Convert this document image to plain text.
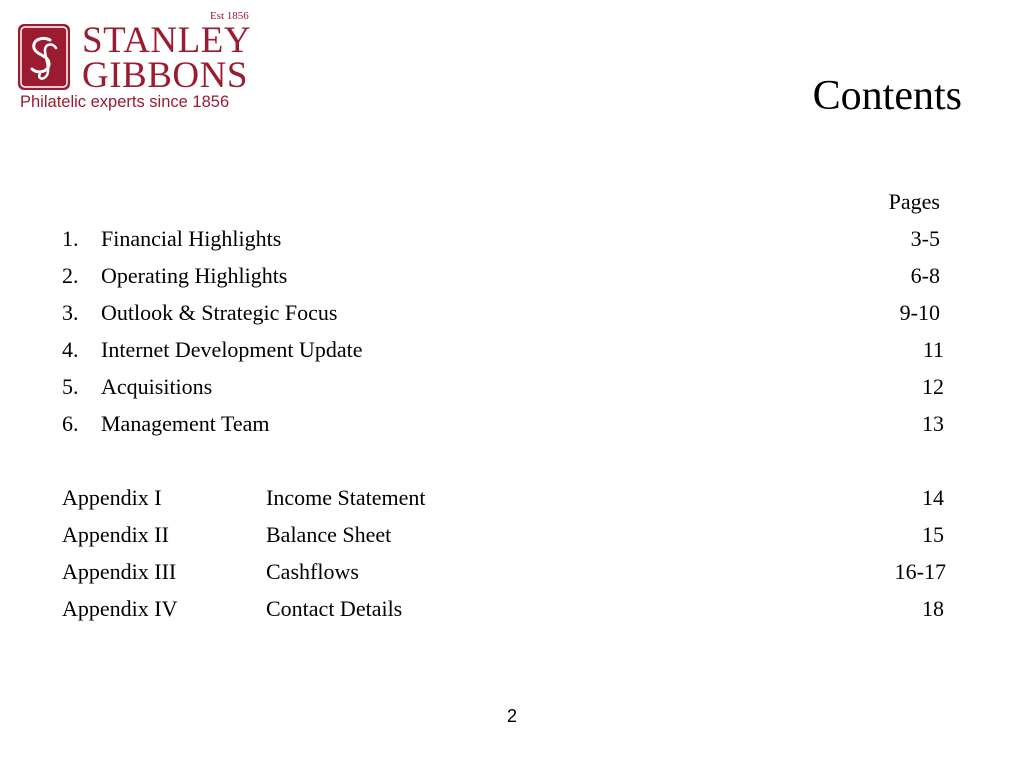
Est 1856
STANLEY
GIBBONS
Philatelic experts since 1856	Contents
Pages
1. Financial Highlights	3-5
2. Operating Highlights	6-8
3. Outlook & Strategic Focus	9-10
4. Internet Development Update	11
5. Acquisitions	12
6. Management Team	13
Appendix I	Income Statement	14
Appendix II	Balance Sheet	15
Appendix III	Cashflows	16-17
Appendix IV	Contact Details	18
2
